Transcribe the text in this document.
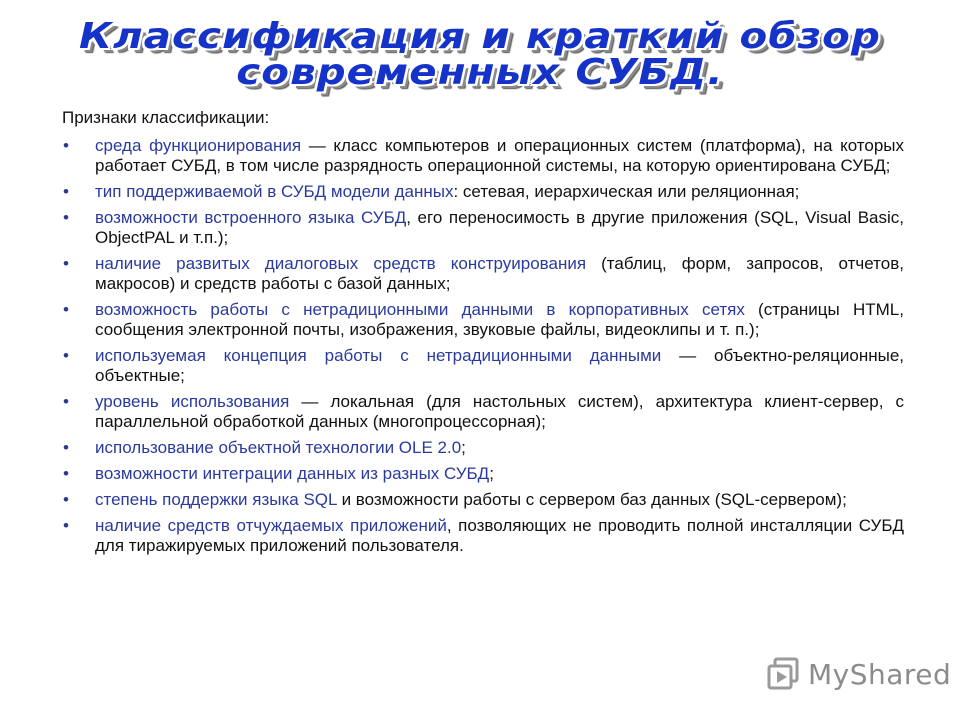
Классификация и краткий обзор
современных СУБД.
Признаки классификации:
• среда функционирования — класс компьютеров и операционных систем (платформа), на которых работает СУБД, в том числе разрядность операционной системы, на которую ориентирована СУБД;
• тип поддерживаемой в СУБД модели данных: сетевая, иерархическая или реляционная;
• возможности встроенного языка СУБД, его переносимость в другие приложения (SQL, Visual Basic, ObjectPAL и т.п.);
• наличие развитых диалоговых средств конструирования (таблиц, форм, запросов, отчетов, макросов) и средств работы с базой данных;
• возможность работы с нетрадиционными данными в корпоративных сетях (страницы HTML, сообщения электронной почты, изображения, звуковые файлы, видеоклипы и т. п.);
• используемая концепция работы с нетрадиционными данными — объектно-реляционные, объектные;
• уровень использования — локальная (для настольных систем), архитектура клиент-сервер, с параллельной обработкой данных (многопроцессорная);
• использование объектной технологии OLE 2.0;
• возможности интеграции данных из разных СУБД;
• степень поддержки языка SQL и возможности работы с сервером баз данных (SQL-сервером);
• наличие средств отчуждаемых приложений, позволяющих не проводить полной инсталляции СУБД для тиражируемых приложений пользователя.
MyShared
